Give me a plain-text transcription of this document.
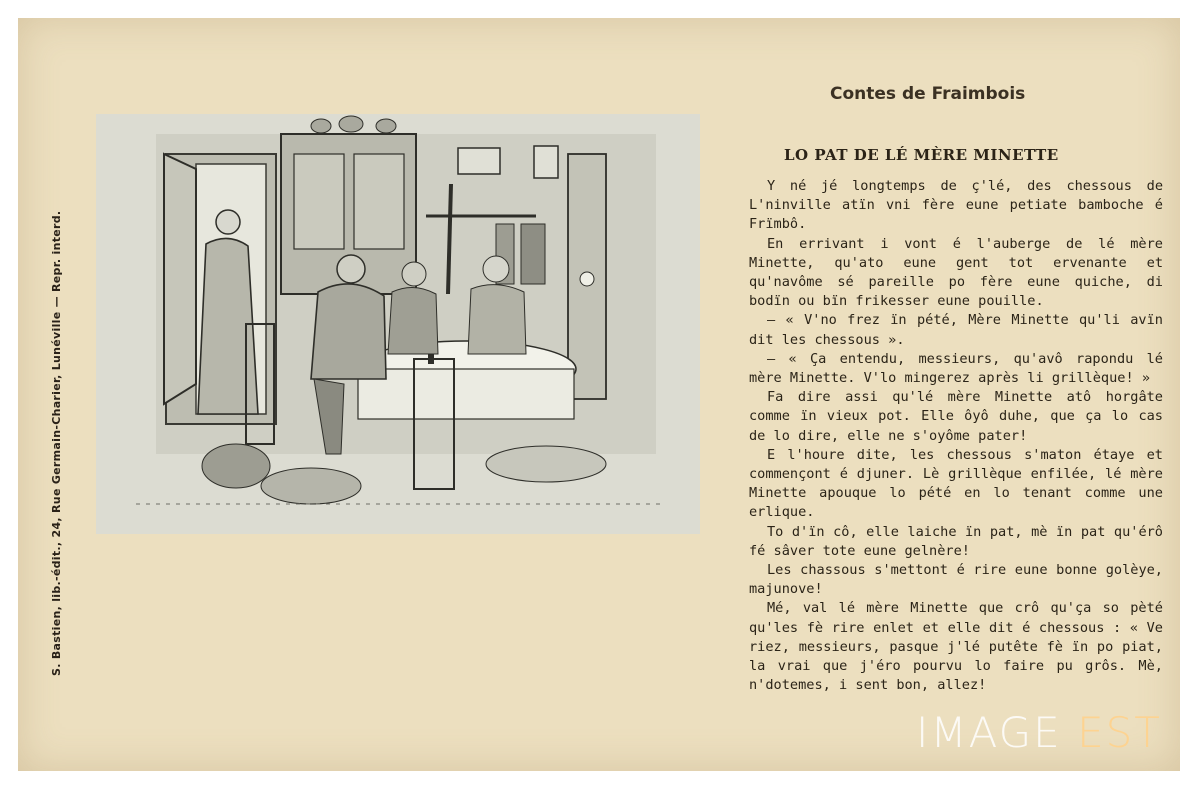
S. Bastien, lib.-édit., 24, Rue Germain-Charier, Lunéville — Repr. interd.
Contes de Fraimbois
LO PAT DE LÉ MÈRE MINETTE

Y né jé longtemps de ç'lé, des chessous de L'ninville atïn vni fère eune petiate bamboche é Frïmbô.

En errivant i vont é l'auberge de lé mère Minette, qu'ato eune gent tot ervenante et qu'navôme sé pareille po fère eune quiche, di bodïn ou bïn frikesser eune pouille.

— « V'no frez ïn pété, Mère Minette qu'li avïn dit les chessous ».

— « Ça entendu, messieurs, qu'avô rapondu lé mère Minette. V'lo mingerez après li grillèque! »

Fa dire assi qu'lé mère Minette atô horgâte comme ïn vieux pot. Elle ôyô duhe, que ça lo cas de lo dire, elle ne s'oyôme pater!

E l'houre dite, les chessous s'maton étaye et commençont é djuner. Lè grillèque enfilée, lé mère Minette apouque lo pété en lo tenant comme une erlique.

To d'ïn cô, elle laiche ïn pat, mè ïn pat qu'érô fé sâver tote eune gelnère!

Les chassous s'mettont é rire eune bonne golèye, majunove!

Mé, val lé mère Minette que crô qu'ça so pèté qu'les fè rire enlet et elle dit é chessous : « Ve riez, messieurs, pasque j'lé putête fè ïn po piat, la vrai que j'éro pourvu lo faire pu grôs. Mè, n'dotemes, i sent bon, allez!

IMAGE EST
